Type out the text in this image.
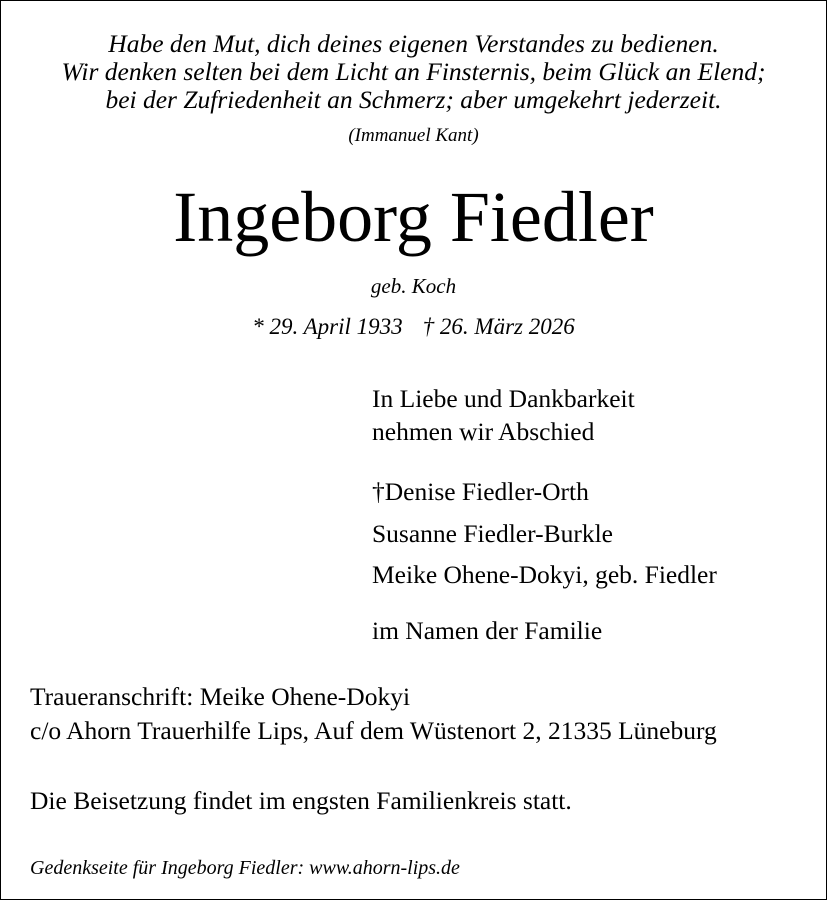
Habe den Mut, dich deines eigenen Verstandes zu bedienen.
Wir denken selten bei dem Licht an Finsternis, beim Glück an Elend;
bei der Zufriedenheit an Schmerz; aber umgekehrt jederzeit.
(Immanuel Kant)
Ingeborg Fiedler
geb. Koch
* 29. April 1933 † 26. März 2026
In Liebe und Dankbarkeit
nehmen wir Abschied
†Denise Fiedler-Orth
Susanne Fiedler-Burkle
Meike Ohene-Dokyi, geb. Fiedler
im Namen der Familie
Traueranschrift: Meike Ohene-Dokyi
c/o Ahorn Trauerhilfe Lips, Auf dem Wüstenort 2, 21335 Lüneburg
Die Beisetzung findet im engsten Familienkreis statt.
Gedenkseite für Ingeborg Fiedler: www.ahorn-lips.de
